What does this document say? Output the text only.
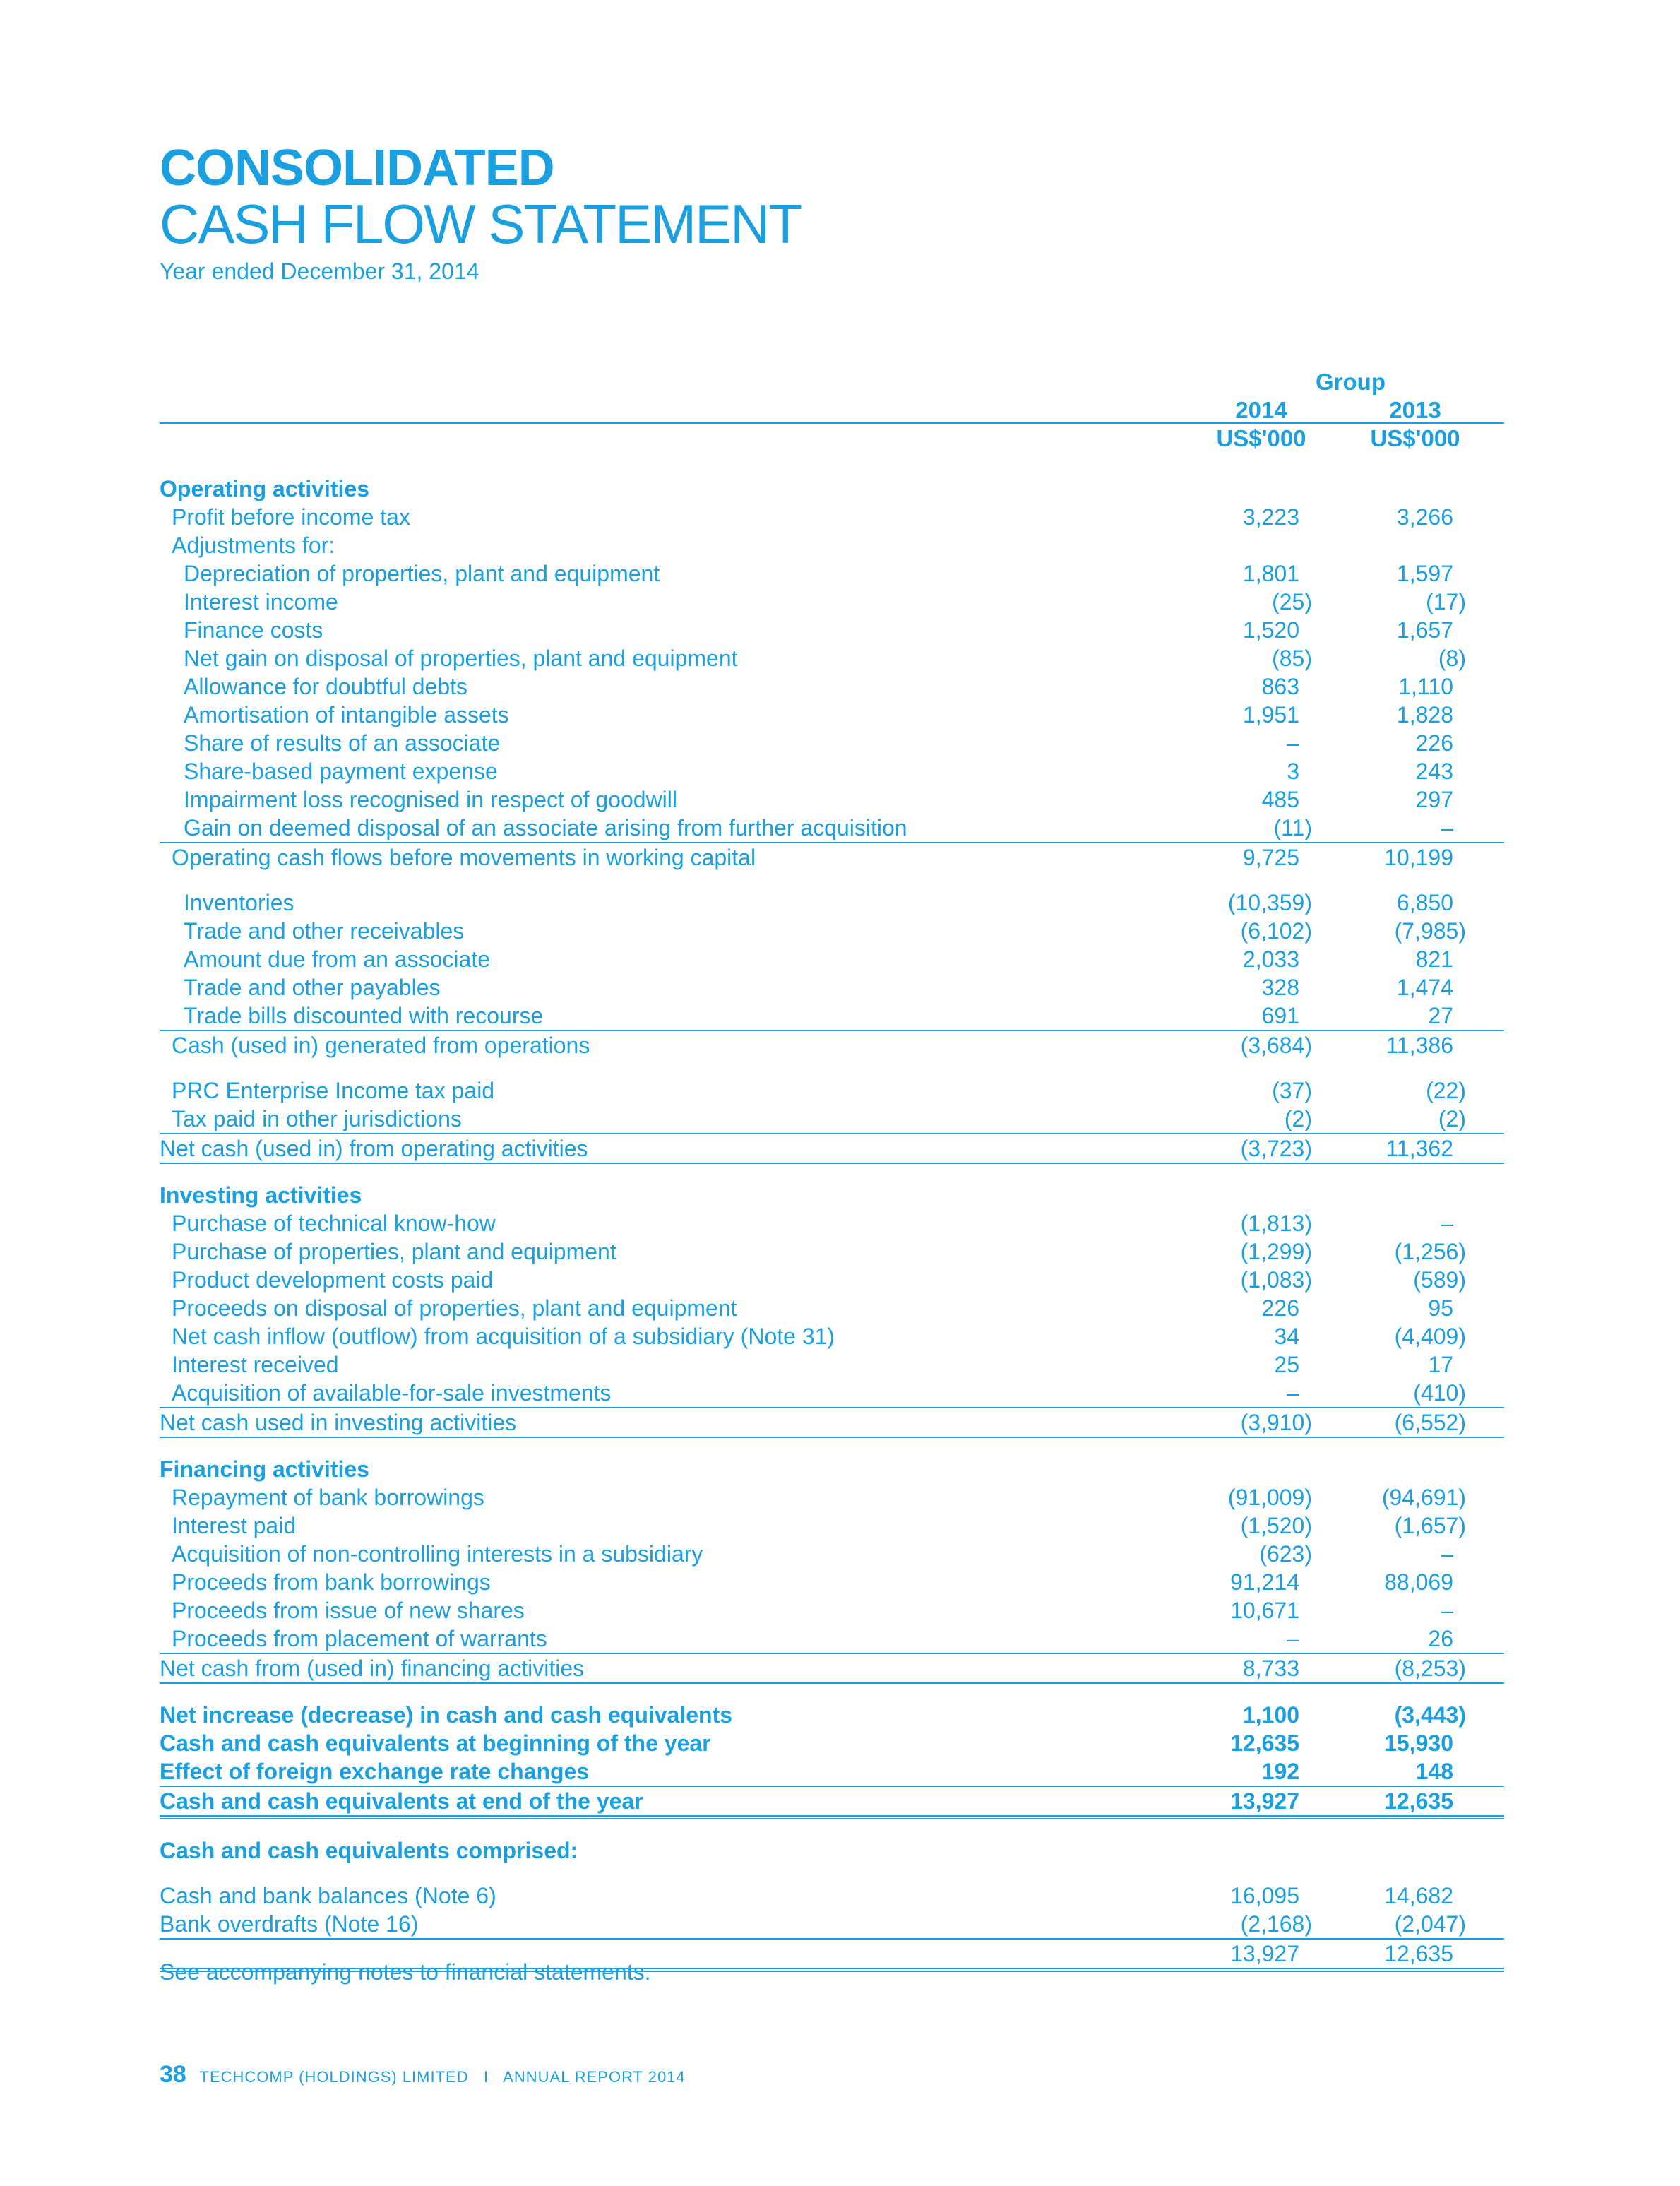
CONSOLIDATED
CASH FLOW STATEMENT
Year ended December 31, 2014
Group
2014	2013
US$'000	US$'000
Operating activities
Profit before income tax	3,223	3,266
Adjustments for:
Depreciation of properties, plant and equipment	1,801	1,597
Interest income	(25)	(17)
Finance costs	1,520	1,657
Net gain on disposal of properties, plant and equipment	(85)	(8)
Allowance for doubtful debts	863	1,110
Amortisation of intangible assets	1,951	1,828
Share of results of an associate	–	226
Share-based payment expense	3	243
Impairment loss recognised in respect of goodwill	485	297
Gain on deemed disposal of an associate arising from further acquisition	(11)	–
Operating cash flows before movements in working capital	9,725	10,199
Inventories	(10,359)	6,850
Trade and other receivables	(6,102)	(7,985)
Amount due from an associate	2,033	821
Trade and other payables	328	1,474
Trade bills discounted with recourse	691	27
Cash (used in) generated from operations	(3,684)	11,386
PRC Enterprise Income tax paid	(37)	(22)
Tax paid in other jurisdictions	(2)	(2)
Net cash (used in) from operating activities	(3,723)	11,362
Investing activities
Purchase of technical know-how	(1,813)	–
Purchase of properties, plant and equipment	(1,299)	(1,256)
Product development costs paid	(1,083)	(589)
Proceeds on disposal of properties, plant and equipment	226	95
Net cash inflow (outflow) from acquisition of a subsidiary (Note 31)	34	(4,409)
Interest received	25	17
Acquisition of available-for-sale investments	–	(410)
Net cash used in investing activities	(3,910)	(6,552)
Financing activities
Repayment of bank borrowings	(91,009)	(94,691)
Interest paid	(1,520)	(1,657)
Acquisition of non-controlling interests in a subsidiary	(623)	–
Proceeds from bank borrowings	91,214	88,069
Proceeds from issue of new shares	10,671	–
Proceeds from placement of warrants	–	26
Net cash from (used in) financing activities	8,733	(8,253)
Net increase (decrease) in cash and cash equivalents	1,100	(3,443)
Cash and cash equivalents at beginning of the year	12,635	15,930
Effect of foreign exchange rate changes	192	148
Cash and cash equivalents at end of the year	13,927	12,635
Cash and cash equivalents comprised:
Cash and bank balances (Note 6)	16,095	14,682
Bank overdrafts (Note 16)	(2,168)	(2,047)
13,927	12,635
See accompanying notes to financial statements.
38 TECHCOMP (HOLDINGS) LIMITED   I   ANNUAL REPORT 2014
